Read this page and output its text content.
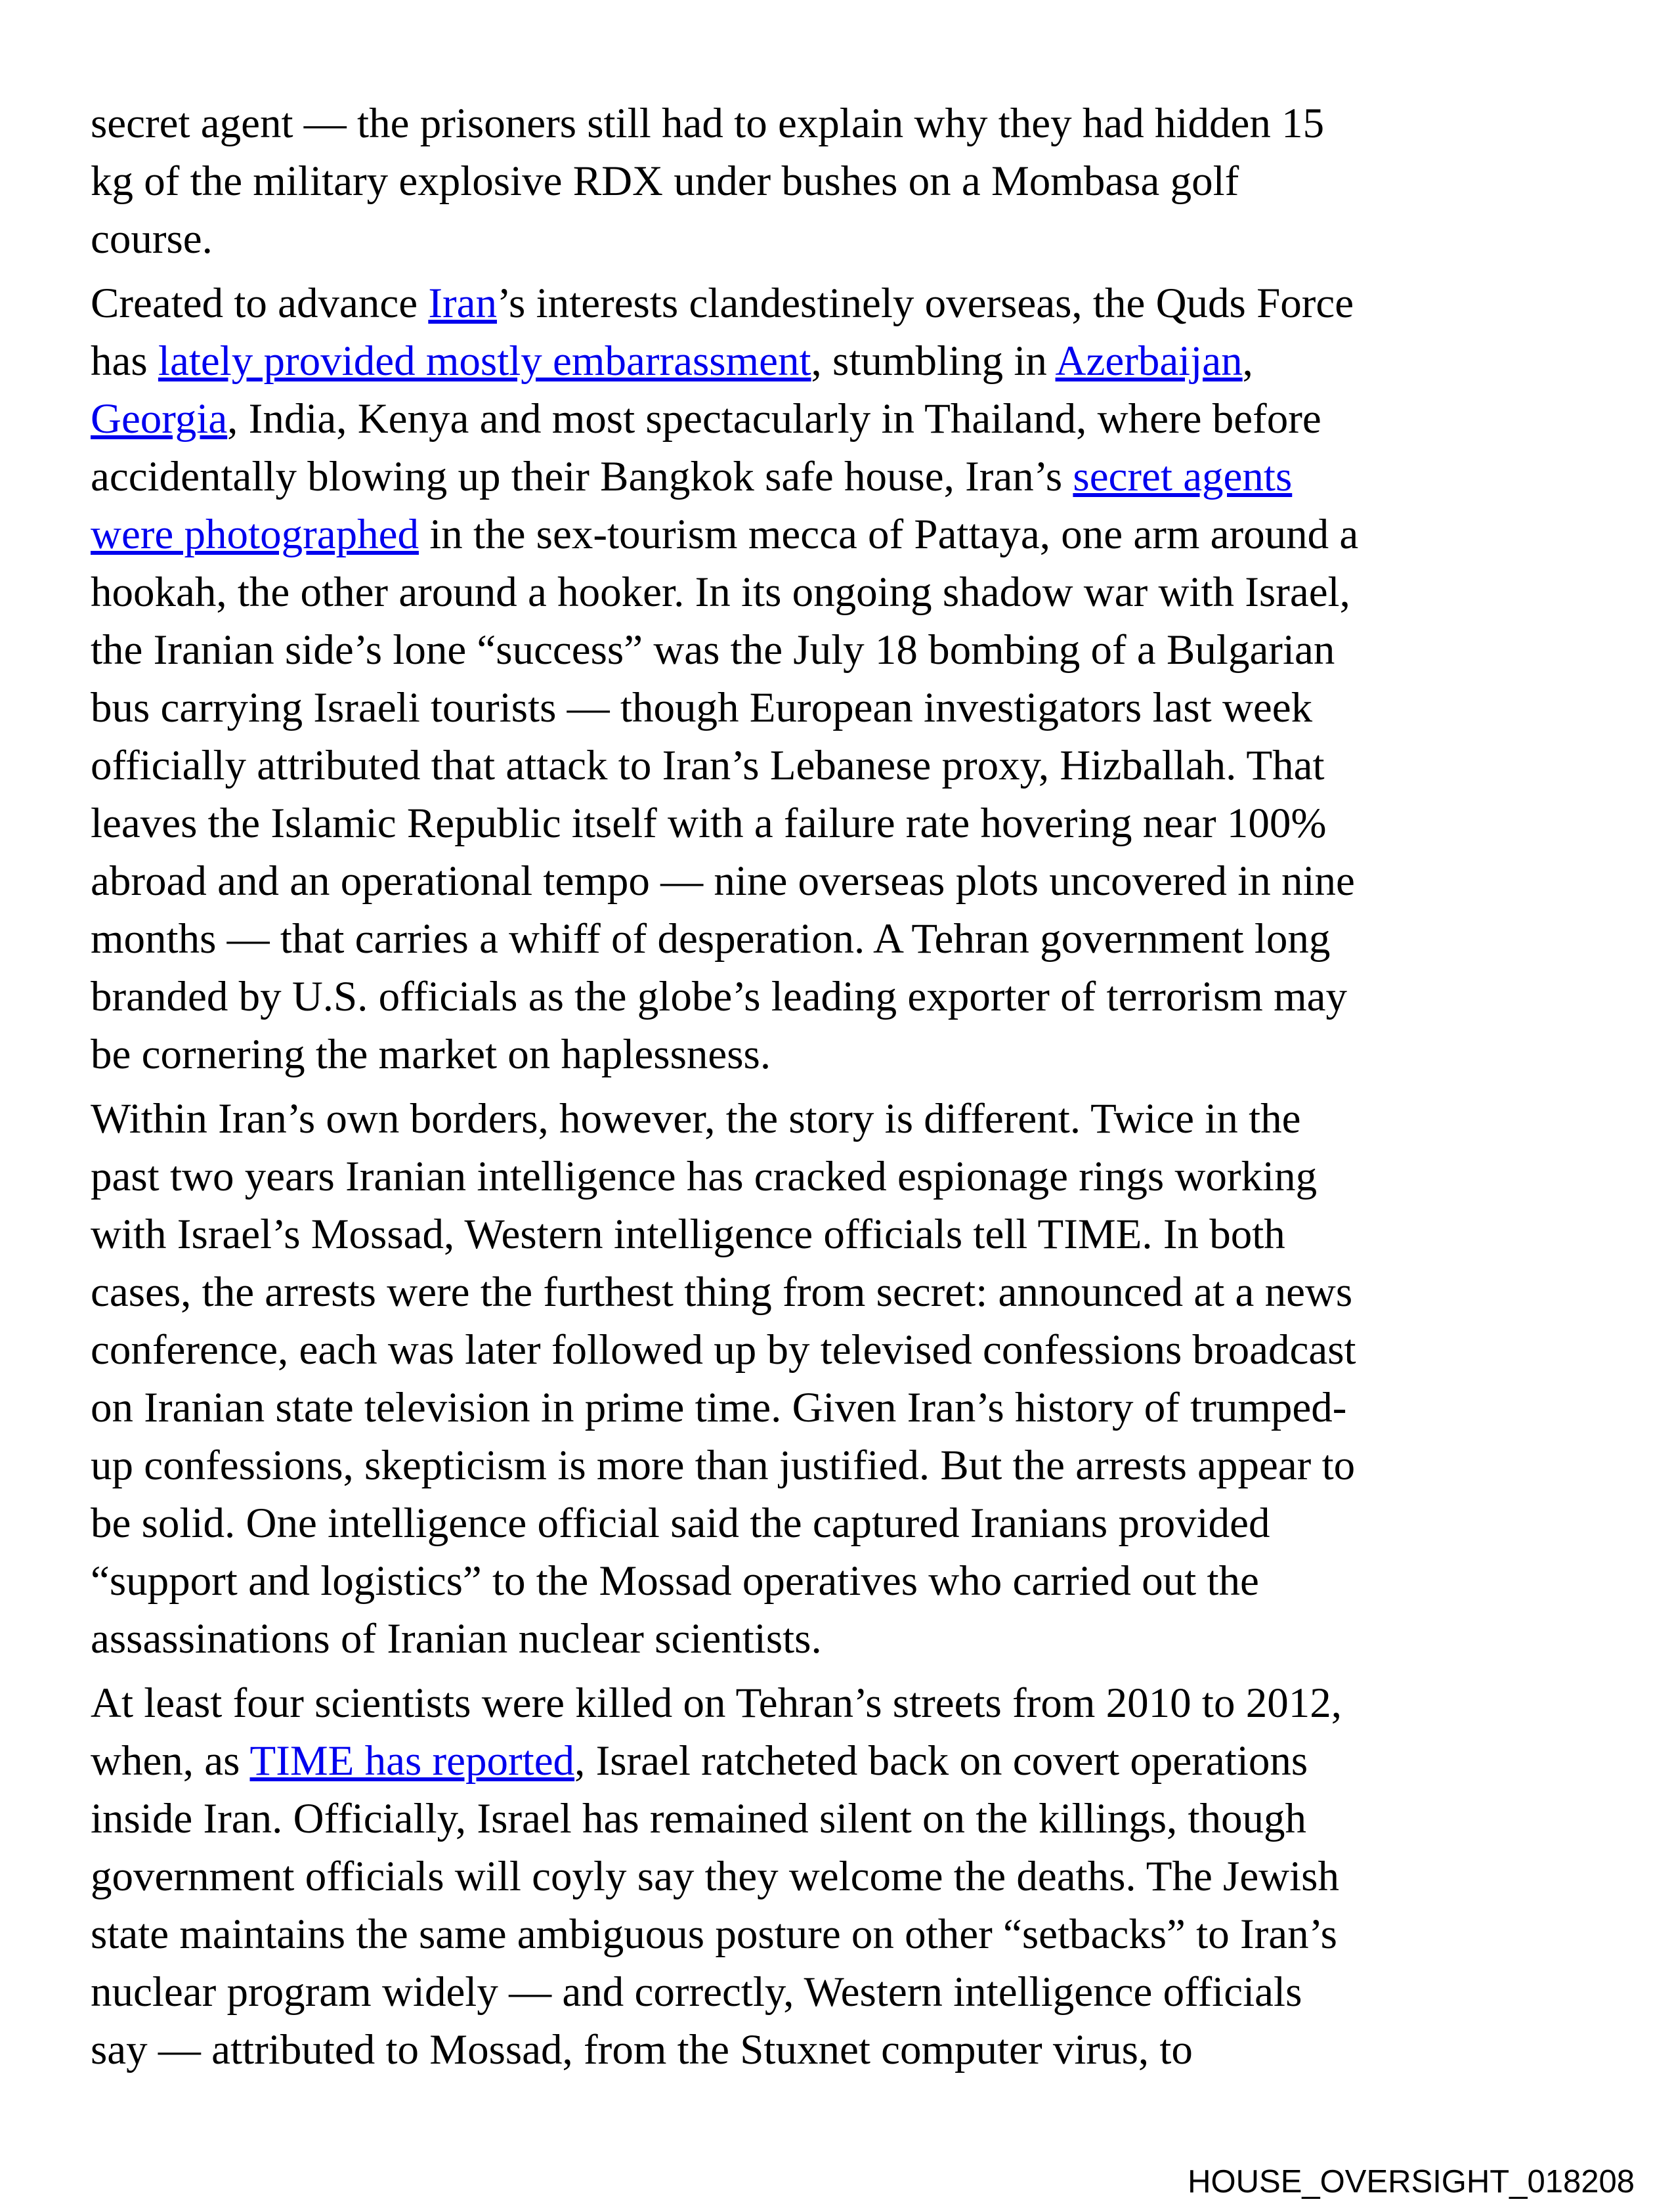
secret agent — the prisoners still had to explain why they had hidden 15
kg of the military explosive RDX under bushes on a Mombasa golf
course.

Created to advance Iran’s interests clandestinely overseas, the Quds Force
has lately provided mostly embarrassment, stumbling in Azerbaijan,
Georgia, India, Kenya and most spectacularly in Thailand, where before
accidentally blowing up their Bangkok safe house, Iran’s secret agents
were photographed in the sex-tourism mecca of Pattaya, one arm around a
hookah, the other around a hooker. In its ongoing shadow war with Israel,
the Iranian side’s lone “success” was the July 18 bombing of a Bulgarian
bus carrying Israeli tourists — though European investigators last week
officially attributed that attack to Iran’s Lebanese proxy, Hizballah. That
leaves the Islamic Republic itself with a failure rate hovering near 100%
abroad and an operational tempo — nine overseas plots uncovered in nine
months — that carries a whiff of desperation. A Tehran government long
branded by U.S. officials as the globe’s leading exporter of terrorism may
be cornering the market on haplessness.

Within Iran’s own borders, however, the story is different. Twice in the
past two years Iranian intelligence has cracked espionage rings working
with Israel’s Mossad, Western intelligence officials tell TIME. In both
cases, the arrests were the furthest thing from secret: announced at a news
conference, each was later followed up by televised confessions broadcast
on Iranian state television in prime time. Given Iran’s history of trumped-
up confessions, skepticism is more than justified. But the arrests appear to
be solid. One intelligence official said the captured Iranians provided
“support and logistics” to the Mossad operatives who carried out the
assassinations of Iranian nuclear scientists.

At least four scientists were killed on Tehran’s streets from 2010 to 2012,
when, as TIME has reported, Israel ratcheted back on covert operations
inside Iran. Officially, Israel has remained silent on the killings, though
government officials will coyly say they welcome the deaths. The Jewish
state maintains the same ambiguous posture on other “setbacks” to Iran’s
nuclear program widely — and correctly, Western intelligence officials
say — attributed to Mossad, from the Stuxnet computer virus, to

HOUSE_OVERSIGHT_018208
